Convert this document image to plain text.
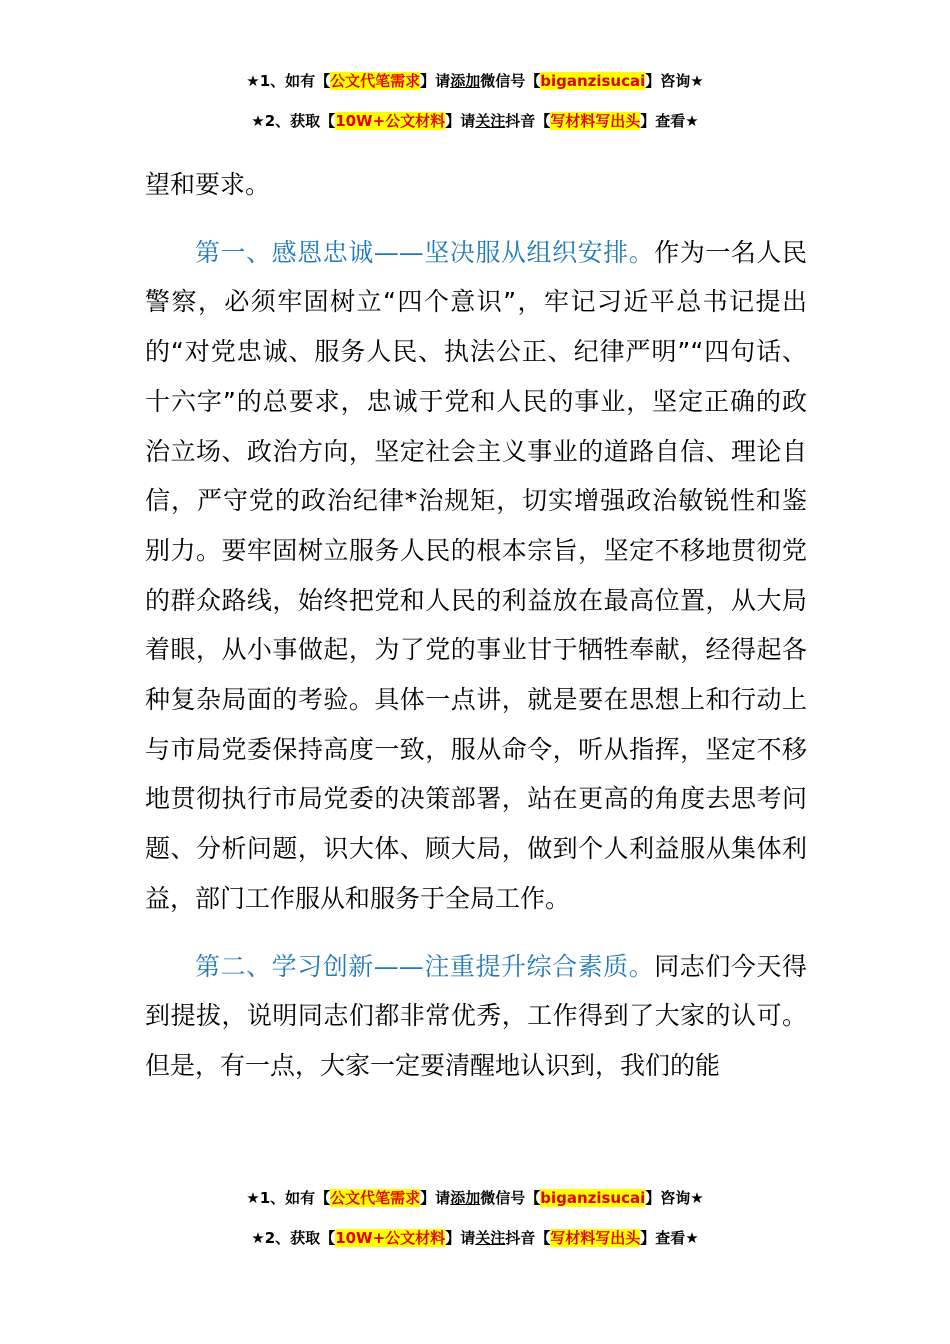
★1、如有【公文代笔需求】请添加微信号【biganzisucai】咨询★
★2、获取【10W+公文材料】请关注抖音【写材料写出头】查看★

望和要求。

第一、感恩忠诚——坚决服从组织安排。作为一名人民警察，必须牢固树立“四个意识”，牢记习近平总书记提出的“对党忠诚、服务人民、执法公正、纪律严明”“四句话、十六字”的总要求，忠诚于党和人民的事业，坚定正确的政治立场、政治方向，坚定社会主义事业的道路自信、理论自信，严守党的政治纪律*治规矩，切实增强政治敏锐性和鉴别力。要牢固树立服务人民的根本宗旨，坚定不移地贯彻党的群众路线，始终把党和人民的利益放在最高位置，从大局着眼，从小事做起，为了党的事业甘于牺牲奉献，经得起各种复杂局面的考验。具体一点讲，就是要在思想上和行动上与市局党委保持高度一致，服从命令，听从指挥，坚定不移地贯彻执行市局党委的决策部署，站在更高的角度去思考问题、分析问题，识大体、顾大局，做到个人利益服从集体利益，部门工作服从和服务于全局工作。

第二、学习创新——注重提升综合素质。同志们今天得到提拔，说明同志们都非常优秀，工作得到了大家的认可。但是，有一点，大家一定要清醒地认识到，我们的能

★1、如有【公文代笔需求】请添加微信号【biganzisucai】咨询★
★2、获取【10W+公文材料】请关注抖音【写材料写出头】查看★
